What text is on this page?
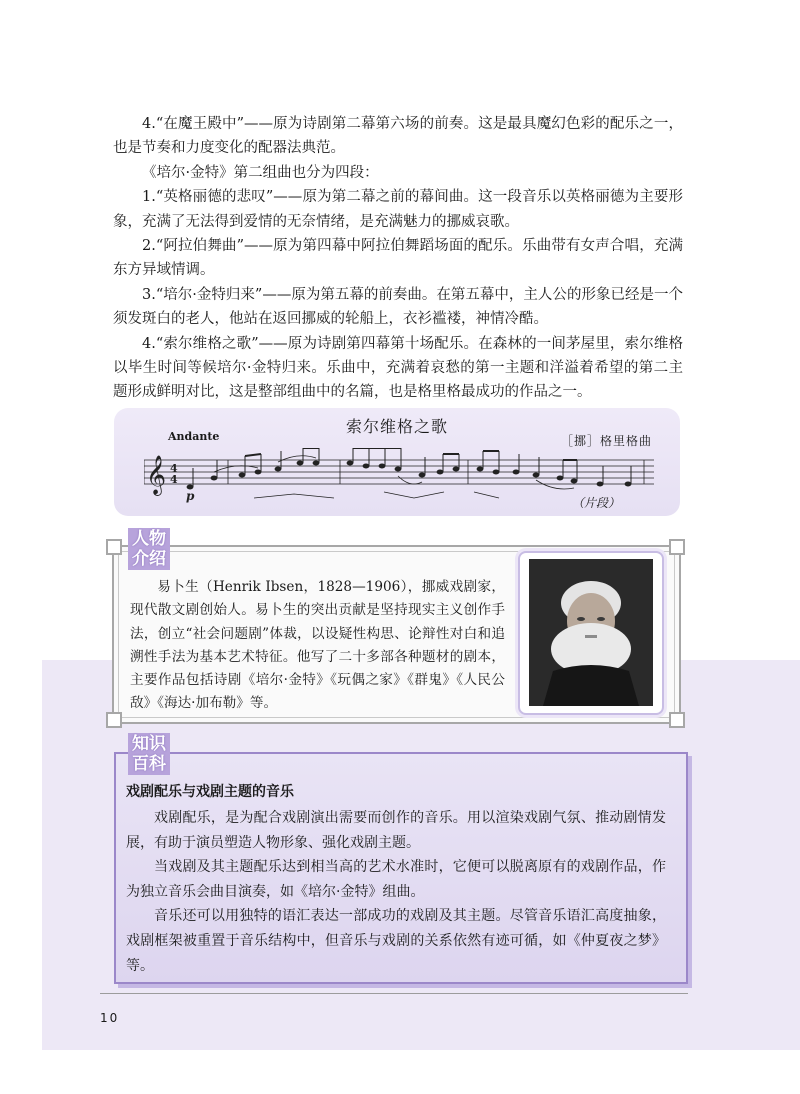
4.“在魔王殿中”——原为诗剧第二幕第六场的前奏。这是最具魔幻色彩的配乐之一，也是节奏和力度变化的配器法典范。

《培尔·金特》第二组曲也分为四段：

1.“英格丽德的悲叹”——原为第二幕之前的幕间曲。这一段音乐以英格丽德为主要形象，充满了无法得到爱情的无奈情绪，是充满魅力的挪威哀歌。

2.“阿拉伯舞曲”——原为第四幕中阿拉伯舞蹈场面的配乐。乐曲带有女声合唱，充满东方异域情调。

3.“培尔·金特归来”——原为第五幕的前奏曲。在第五幕中，主人公的形象已经是一个须发斑白的老人，他站在返回挪威的轮船上，衣衫褴褛，神情冷酷。

4.“索尔维格之歌”——原为诗剧第四幕第十场配乐。在森林的一间茅屋里，索尔维格以毕生时间等候培尔·金特归来。乐曲中，充满着哀愁的第一主题和洋溢着希望的第二主题形成鲜明对比，这是整部组曲中的名篇，也是格里格最成功的作品之一。

索尔维格之歌
Andante	［挪］格里格曲
𝄞 4
4
p	（片段）
人物
介绍

易卜生（Henrik Ibsen，1828—1906），挪威戏剧家，现代散文剧创始人。易卜生的突出贡献是坚持现实主义创作手法，创立“社会问题剧”体裁，以设疑性构思、论辩性对白和追溯性手法为基本艺术特征。他写了二十多部各种题材的剧本，主要作品包括诗剧《培尔·金特》《玩偶之家》《群鬼》《人民公敌》《海达·加布勒》等。

知识
百科
戏剧配乐与戏剧主题的音乐

戏剧配乐，是为配合戏剧演出需要而创作的音乐。用以渲染戏剧气氛、推动剧情发展，有助于演员塑造人物形象、强化戏剧主题。

当戏剧及其主题配乐达到相当高的艺术水准时，它便可以脱离原有的戏剧作品，作为独立音乐会曲目演奏，如《培尔·金特》组曲。

音乐还可以用独特的语汇表达一部成功的戏剧及其主题。尽管音乐语汇高度抽象，戏剧框架被重置于音乐结构中，但音乐与戏剧的关系依然有迹可循，如《仲夏夜之梦》等。

10
